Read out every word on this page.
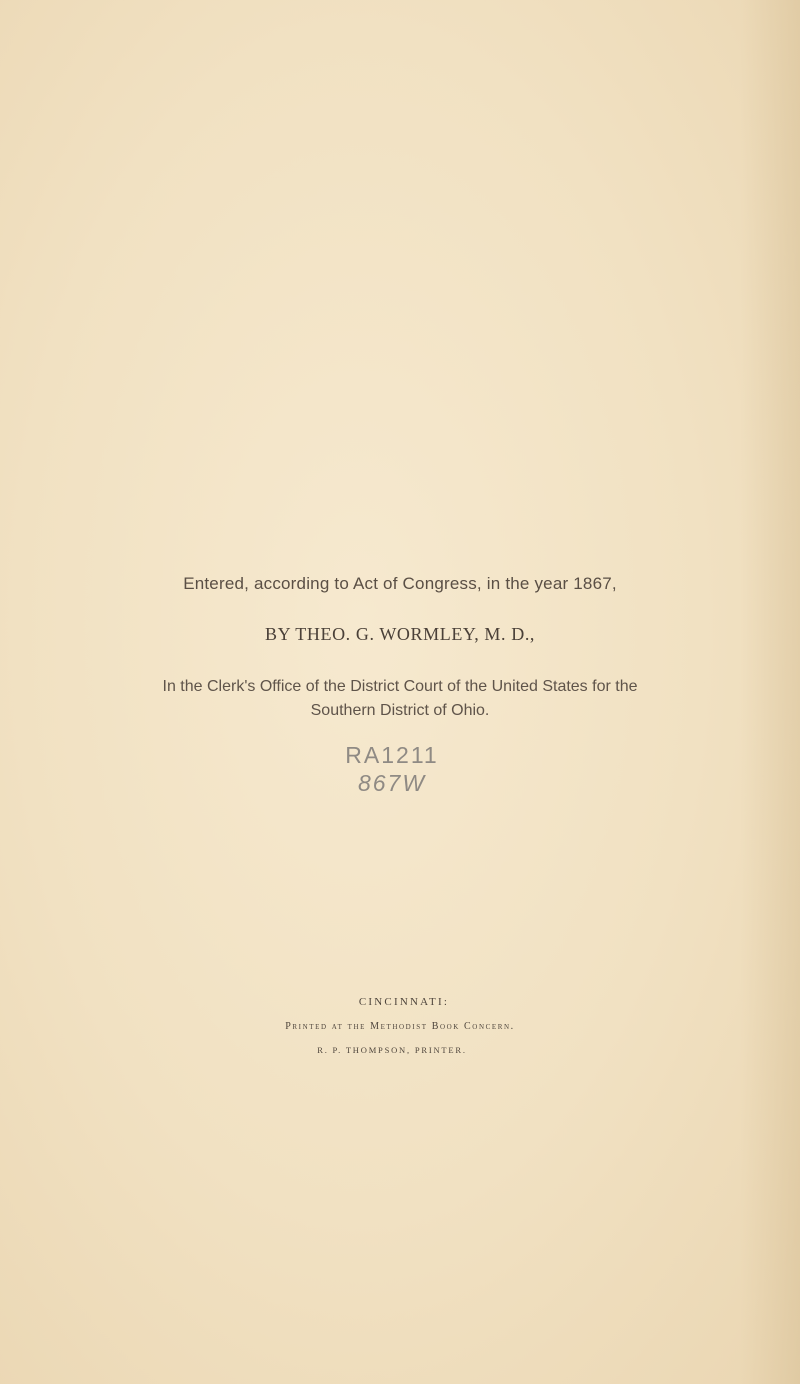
Entered, according to Act of Congress, in the year 1867,
BY THEO. G. WORMLEY, M. D.,
In the Clerk's Office of the District Court of the United States for the
Southern District of Ohio.
RA1211
867W
CINCINNATI:
Printed at the Methodist Book Concern.
R. P. THOMPSON, PRINTER.
